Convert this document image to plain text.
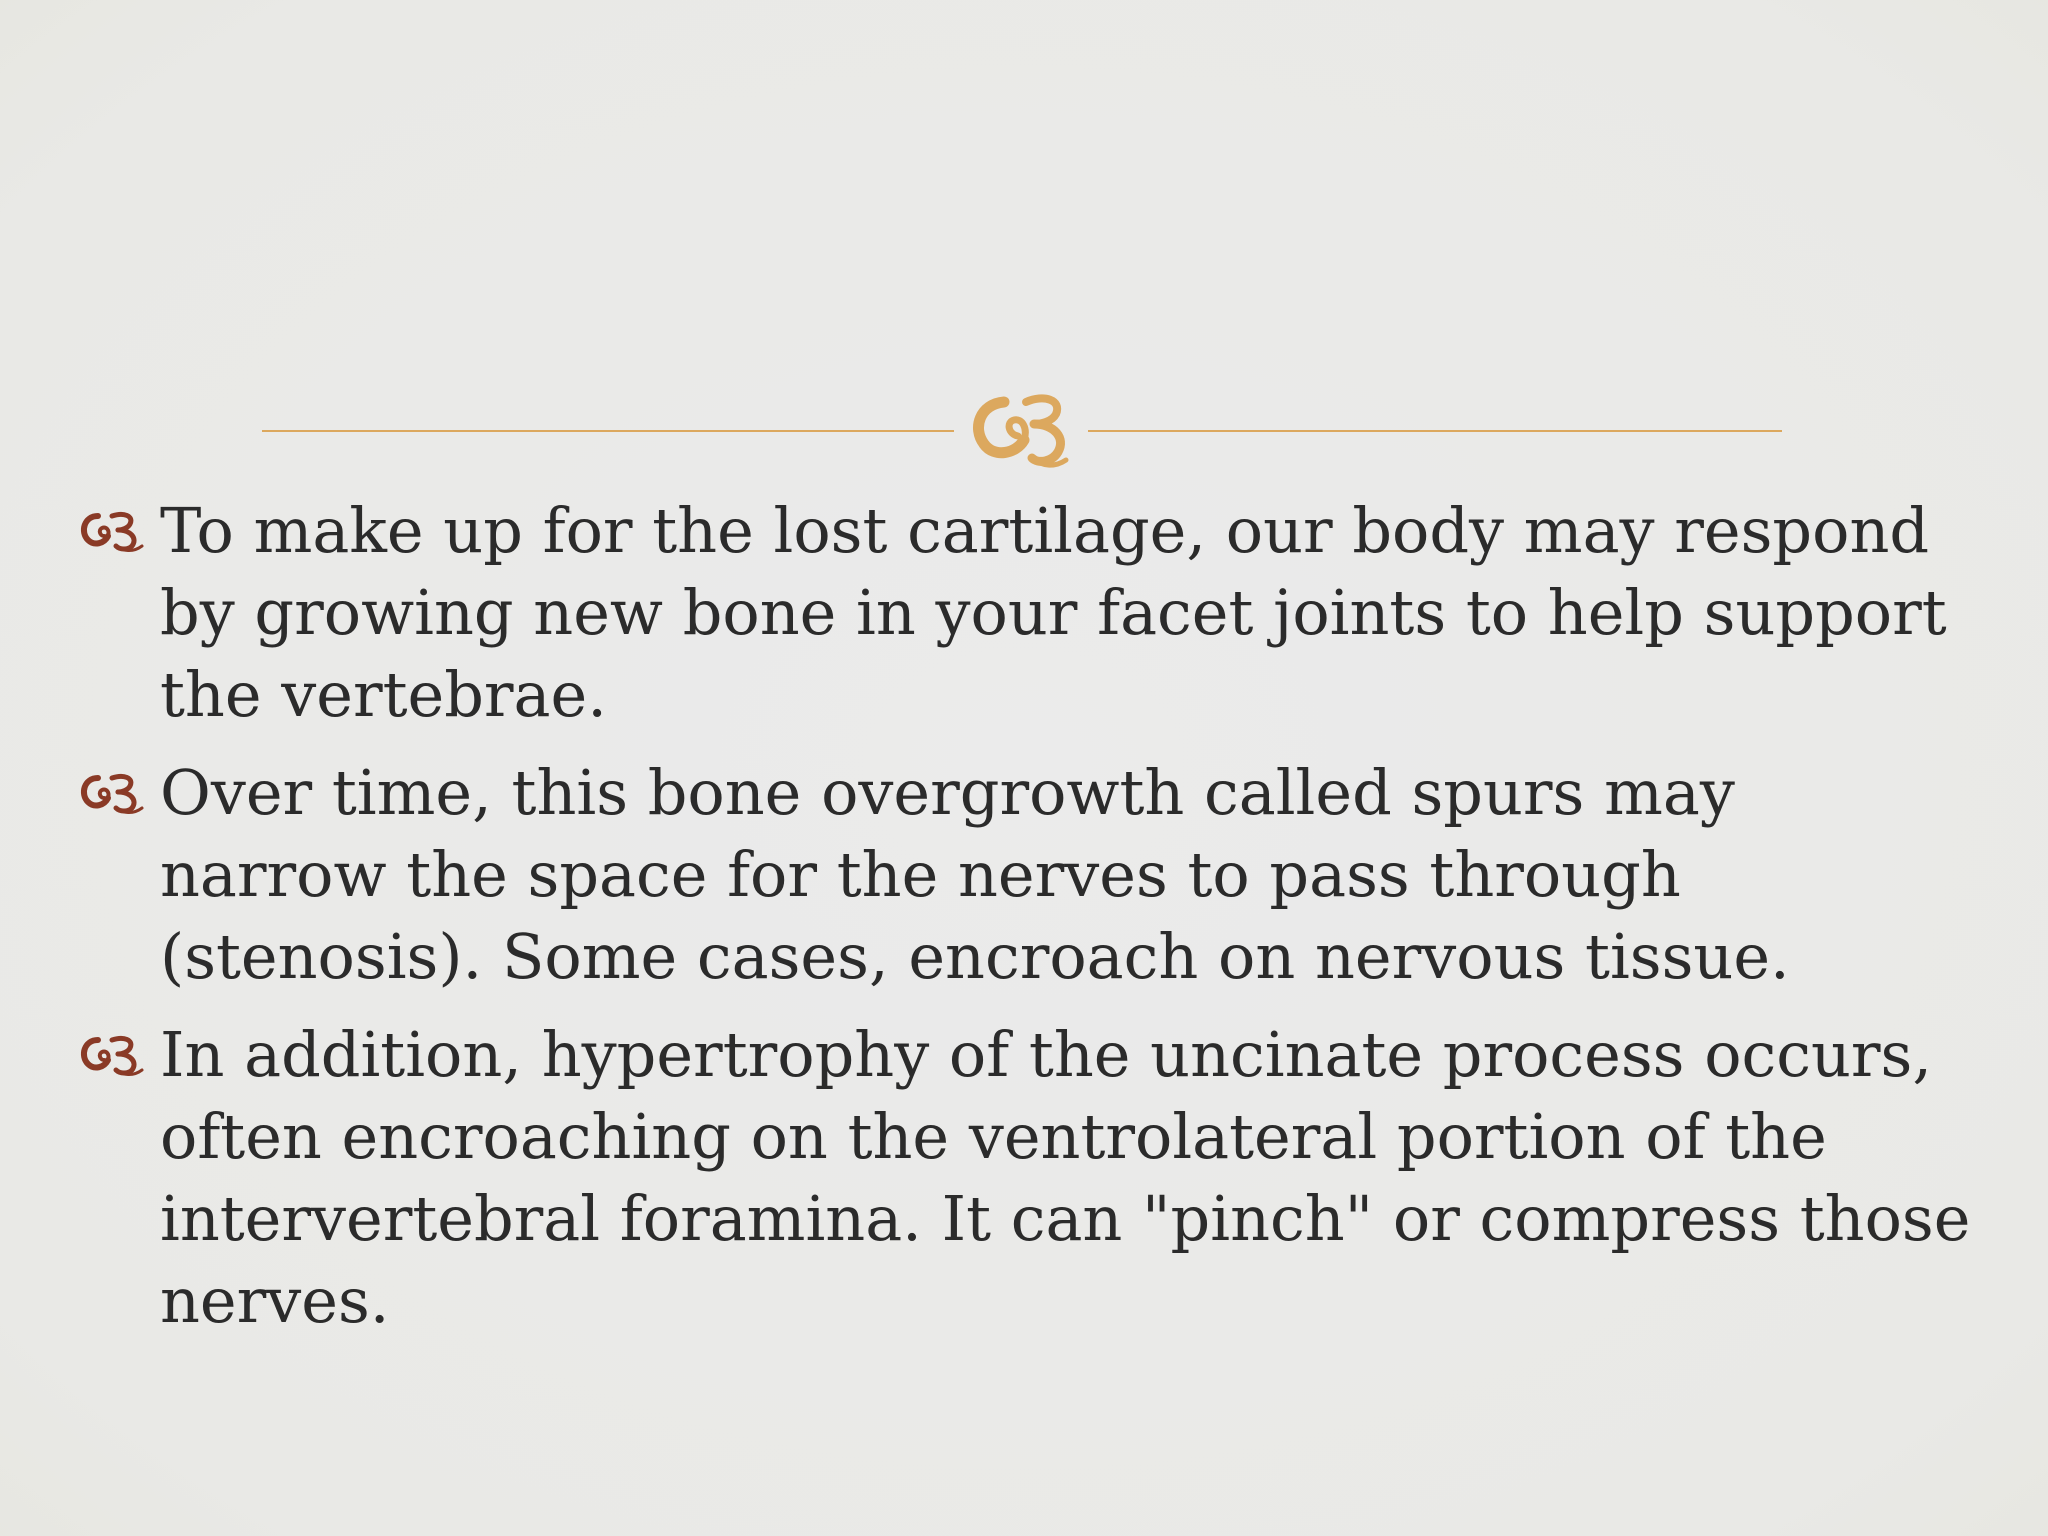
To make up for the lost cartilage, our body may respond by growing new bone in your facet joints to help support the vertebrae.
Over time, this bone overgrowth called spurs may narrow the space for the nerves to pass through (stenosis). Some cases, encroach on nervous tissue.
In addition, hypertrophy of the uncinate process occurs, often encroaching on the ventrolateral portion of the intervertebral foramina. It can "pinch" or compress those nerves.
